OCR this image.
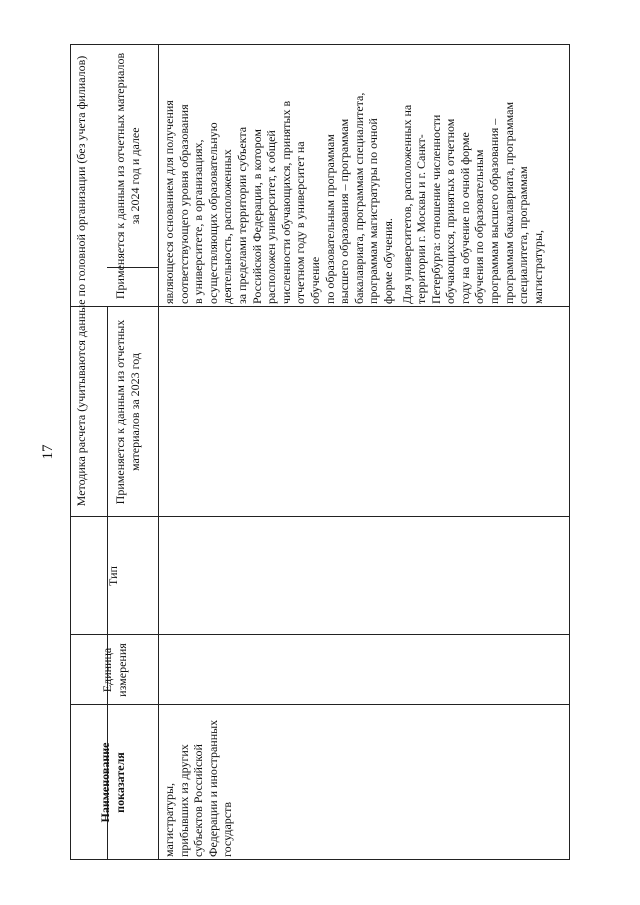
17
Наименование показателя
Единица измерения
Тип
Методика расчета (учитываются данные по головной организации (без учета филиалов)	Применяется к данным из отчетных материалов за 2023 год
Применяется к данным из отчетных материалов за 2024 год и далее
магистратуры, прибывших из других субъектов Российской Федерации и иностранных государств
являющееся основанием для получения соответствующего уровня образования в университете, в организациях, осуществляющих образовательную деятельность, расположенных за пределами территории субъекта Российской Федерации, в котором расположен университет, к общей численности обучающихся, принятых в отчетном году в университет на обучение по образовательным программам высшего образования – программам бакалавриата, программам специалитета, программам магистратуры по очной форме обучения. Для университетов, расположенных на территории г. Москвы и г. Санкт- Петербурга: отношение численности обучающихся, принятых в отчетном году на обучение по очной форме обучения по образовательным программам высшего образования – программам бакалавриата, программам специалитета, программам магистратуры,
